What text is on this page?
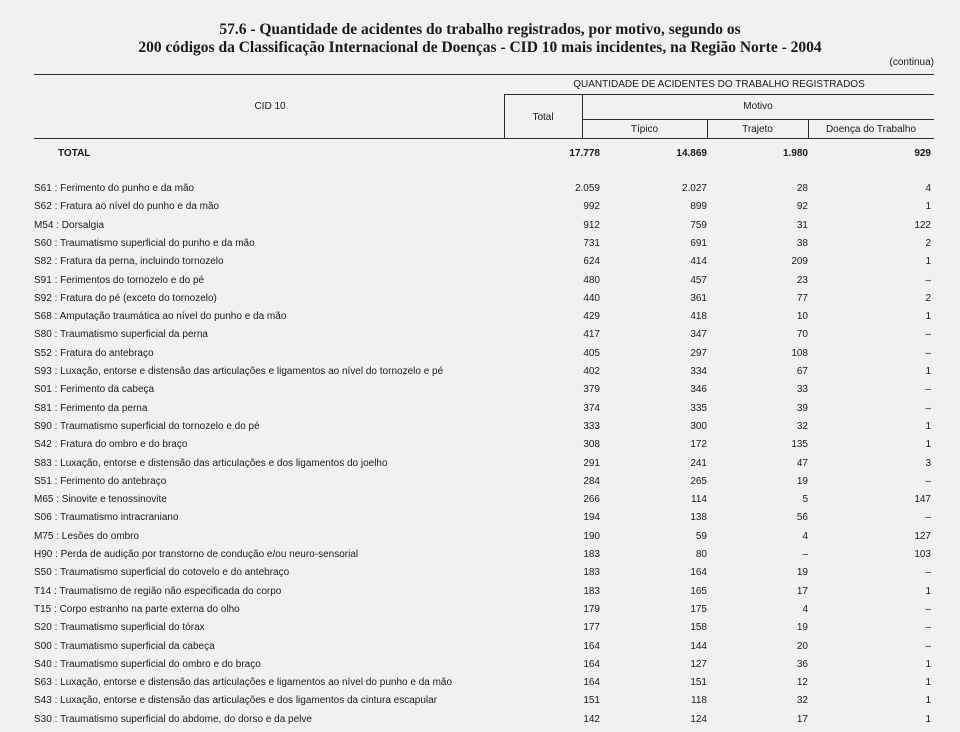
57.6 - Quantidade de acidentes do trabalho registrados, por motivo, segundo os
200 códigos da Classificação Internacional de Doenças - CID 10 mais incidentes, na Região Norte - 2004
(continua)
CID 10
QUANTIDADE DE ACIDENTES DO TRABALHO REGISTRADOS
Total
Motivo
Típico	Trajeto	Doença do Trabalho
TOTAL	17.778	14.869	1.980	929
S61 : Ferimento do punho e da mão	2.059	2.027	28	4
S62 : Fratura ao nível do punho e da mão	992	899	92	1
M54 : Dorsalgia	912	759	31	122
S60 : Traumatismo superficial do punho e da mão	731	691	38	2
S82 : Fratura da perna, incluindo tornozelo	624	414	209	1
S91 : Ferimentos do tornozelo e do pé	480	457	23	–
S92 : Fratura do pé (exceto do tornozelo)	440	361	77	2
S68 : Amputação traumática ao nível do punho e da mão	429	418	10	1
S80 : Traumatismo superficial da perna	417	347	70	–
S52 : Fratura do antebraço	405	297	108	–
S93 : Luxação, entorse e distensão das articulações e ligamentos ao nível do tornozelo e pé	402	334	67	1
S01 : Ferimento da cabeça	379	346	33	–
S81 : Ferimento da perna	374	335	39	–
S90 : Traumatismo superficial do tornozelo e do pé	333	300	32	1
S42 : Fratura do ombro e do braço	308	172	135	1
S83 : Luxação, entorse e distensão das articulações e dos ligamentos do joelho	291	241	47	3
S51 : Ferimento do antebraço	284	265	19	–
M65 : Sinovite e tenossinovite	266	114	5	147
S06 : Traumatismo intracraniano	194	138	56	–
M75 : Lesões do ombro	190	59	4	127
H90 : Perda de audição por transtorno de condução e/ou neuro-sensorial	183	80	–	103
S50 : Traumatismo superficial do cotovelo e do antebraço	183	164	19	–
T14 : Traumatismo de região não especificada do corpo	183	165	17	1
T15 : Corpo estranho na parte externa do olho	179	175	4	–
S20 : Traumatismo superficial do tórax	177	158	19	–
S00 : Traumatismo superficial da cabeça	164	144	20	–
S40 : Traumatismo superficial do ombro e do braço	164	127	36	1
S63 : Luxação, entorse e distensão das articulações e ligamentos ao nível do punho e da mão	164	151	12	1
S43 : Luxação, entorse e distensão das articulações e dos ligamentos da cintura escapular	151	118	32	1
S30 : Traumatismo superficial do abdome, do dorso e da pelve	142	124	17	1
